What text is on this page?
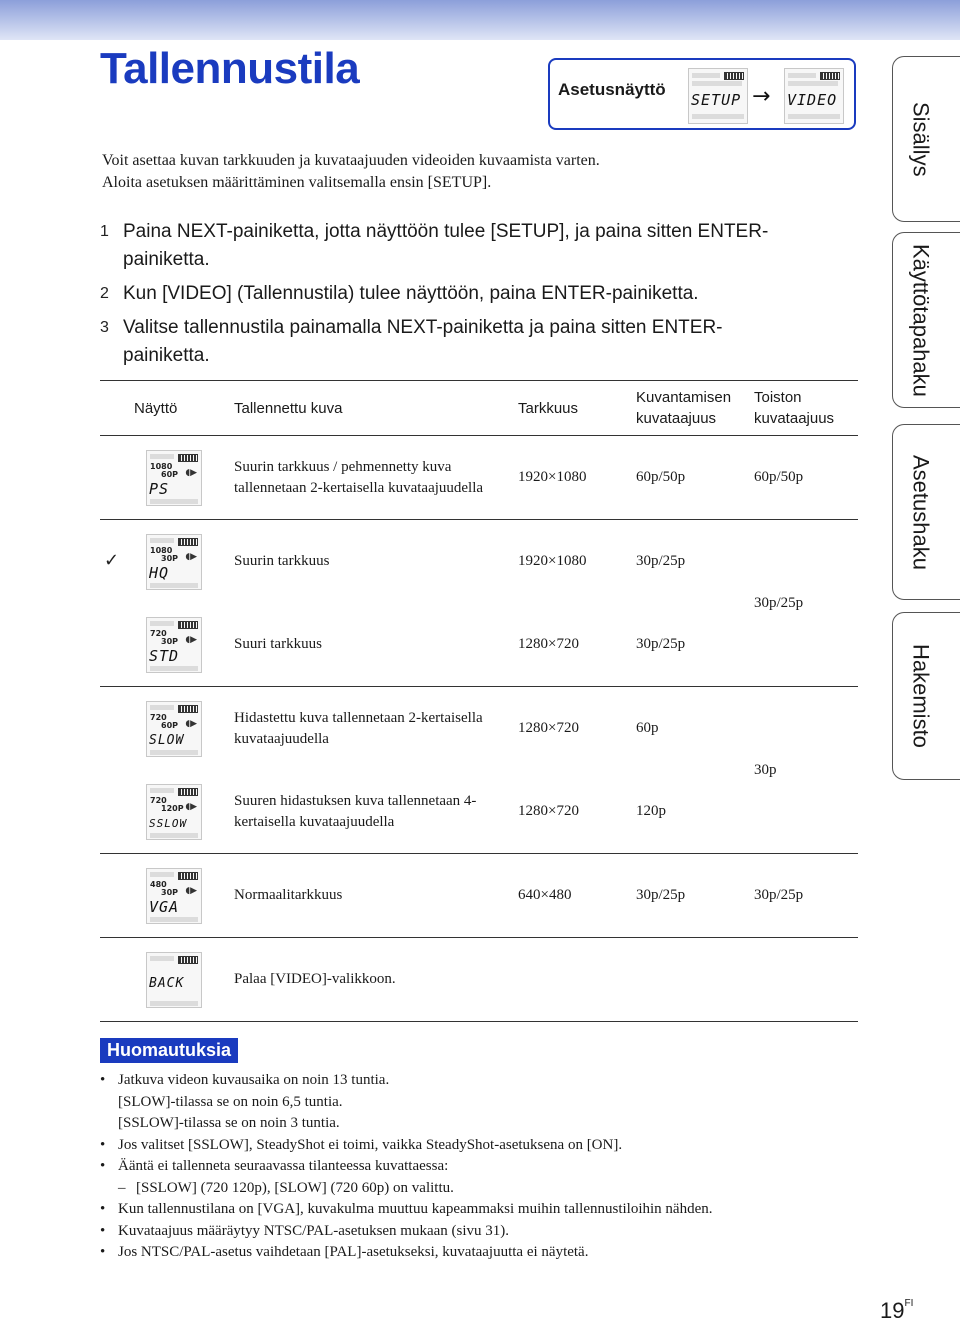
Tallennustila	Asetusnäyttö
SETUP	VIDEO
→

Voit asettaa kuvan tarkkuuden ja kuvataajuuden videoiden kuvaamista varten.
Aloita asetuksen määrittäminen valitsemalla ensin [SETUP].

1 Paina NEXT-painiketta, jotta näyttöön tulee [SETUP], ja paina sitten ENTER-painiketta.
2 Kun [VIDEO] (Tallennustila) tulee näyttöön, paina ENTER-painiketta.
3 Valitse tallennustila painamalla NEXT-painiketta ja paina sitten ENTER-painiketta.
	Näyttö	Tallennettu kuva	Tarkkuus	Kuvantamisen kuvataajuus	Toiston kuvataajuus

	1080
60P ◖▶
PS	Suurin tarkkuus / pehmennetty kuva tallennetaan 2-kertaisella kuvataajuudella	1920×1080	60p/50p	60p/50p
✓	1080
30P ◖▶
HQ	Suurin tarkkuus	1920×1080	30p/25p	30p/25p

	720
30P ◖▶
STD	Suuri tarkkuus	1280×720	30p/25p	

	720
60P ◖▶
SLOW	Hidastettu kuva tallennetaan 2-kertaisella kuvataajuudella	1280×720	60p	30p

	720
120P ◖▶
SSLOW	Suuren hidastuksen kuva tallennetaan 4-kertaisella kuvataajuudella	1280×720	120p	

	480
30P ◖▶
VGA	Normaalitarkkuus	640×480	30p/25p	30p/25p

	BACK	Palaa [VIDEO]-valikkoon.			
Huomautuksia
• Jatkuva videon kuvausaika on noin 13 tuntia.
[SLOW]-tilassa se on noin 6,5 tuntia.
[SSLOW]-tilassa se on noin 3 tuntia.
• Jos valitset [SSLOW], SteadyShot ei toimi, vaikka SteadyShot-asetuksena on [ON].
• Ääntä ei tallenneta seuraavassa tilanteessa kuvattaessa:
– [SSLOW] (720 120p), [SLOW] (720 60p) on valittu.
• Kun tallennustilana on [VGA], kuvakulma muuttuu kapeammaksi muihin tallennustiloihin nähden.
• Kuvataajuus määräytyy NTSC/PAL-asetuksen mukaan (sivu 31).
• Jos NTSC/PAL-asetus vaihdetaan [PAL]-asetukseksi, kuvataajuutta ei näytetä.
$19^{FI}$
Sisällys
Käyttötapahaku
Asetushaku
Hakemisto
